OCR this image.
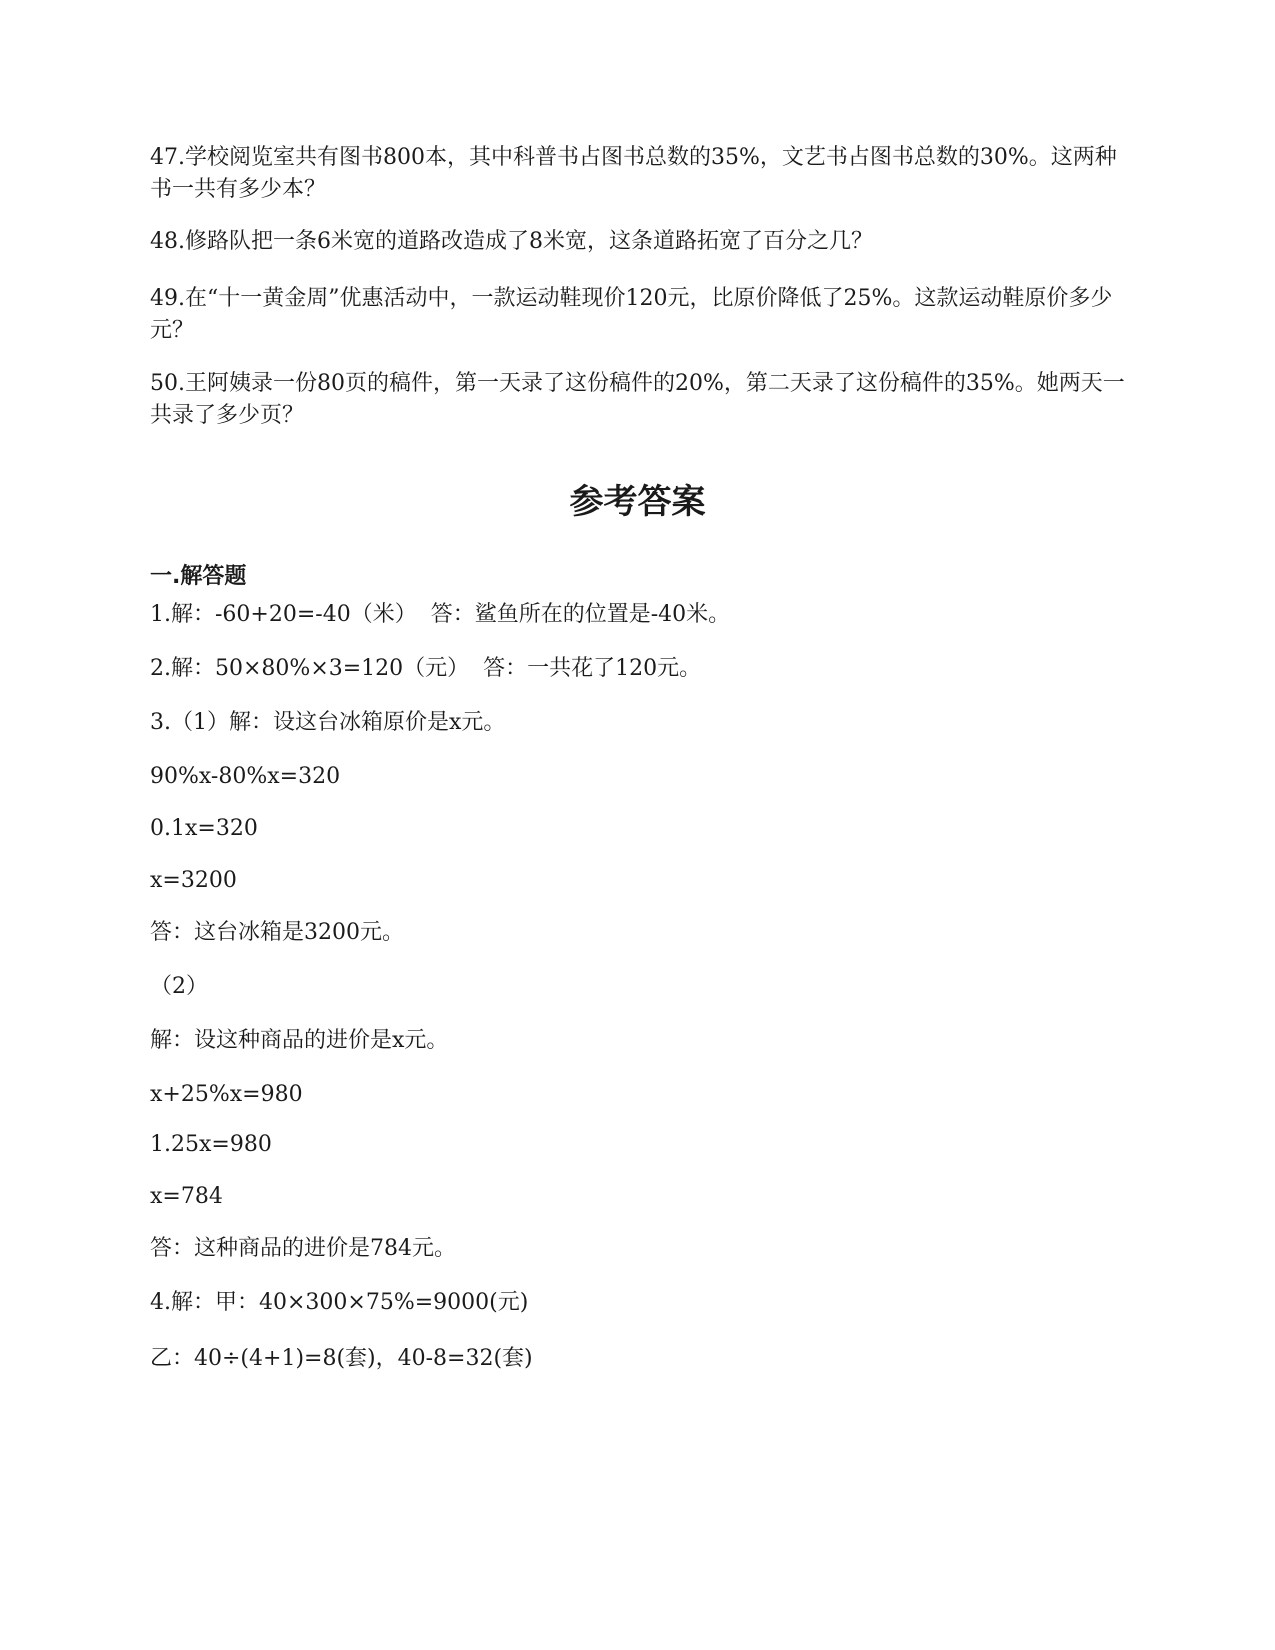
47.学校阅览室共有图书800本，其中科普书占图书总数的35%，文艺书占图书总数的30%。这两种书一共有多少本？

48.修路队把一条6米宽的道路改造成了8米宽，这条道路拓宽了百分之几？

49.在“十一黄金周”优惠活动中，一款运动鞋现价120元，比原价降低了25%。这款运动鞋原价多少元？

50.王阿姨录一份80页的稿件，第一天录了这份稿件的20%，第二天录了这份稿件的35%。她两天一共录了多少页？

参考答案
一.解答题

1.解：-60+20=-40（米）  答：鲨鱼所在的位置是-40米。

2.解：50×80%×3=120（元）  答：一共花了120元。

3.（1）解：设这台冰箱原价是x元。

90%x-80%x=320

0.1x=320

x=3200

答：这台冰箱是3200元。

（2）

解：设这种商品的进价是x元。

x+25%x=980

1.25x=980

x=784

答：这种商品的进价是784元。

4.解：甲：40×300×75%=9000(元)

乙：40÷(4+1)=8(套)，40-8=32(套)
